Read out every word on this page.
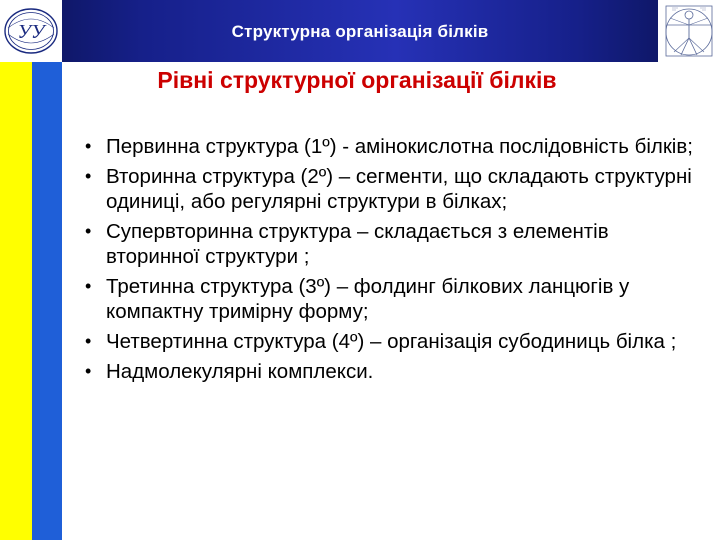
УУ	Структурна організація білків
Рівні структурної організації білків
• Первинна структура (1º) - амінокислотна послідовність білків;
• Вторинна структура (2º) – сегменти, що складають структурні одиниці, або регулярні структури в білках;
• Супервторинна структура – складається з елементів вторинної структури ;
• Третинна структура (3º) – фолдинг білкових ланцюгів у компактну тримірну форму;
• Четвертинна структура (4º) – організація субодиниць білка ;
• Надмолекулярні комплекси.
